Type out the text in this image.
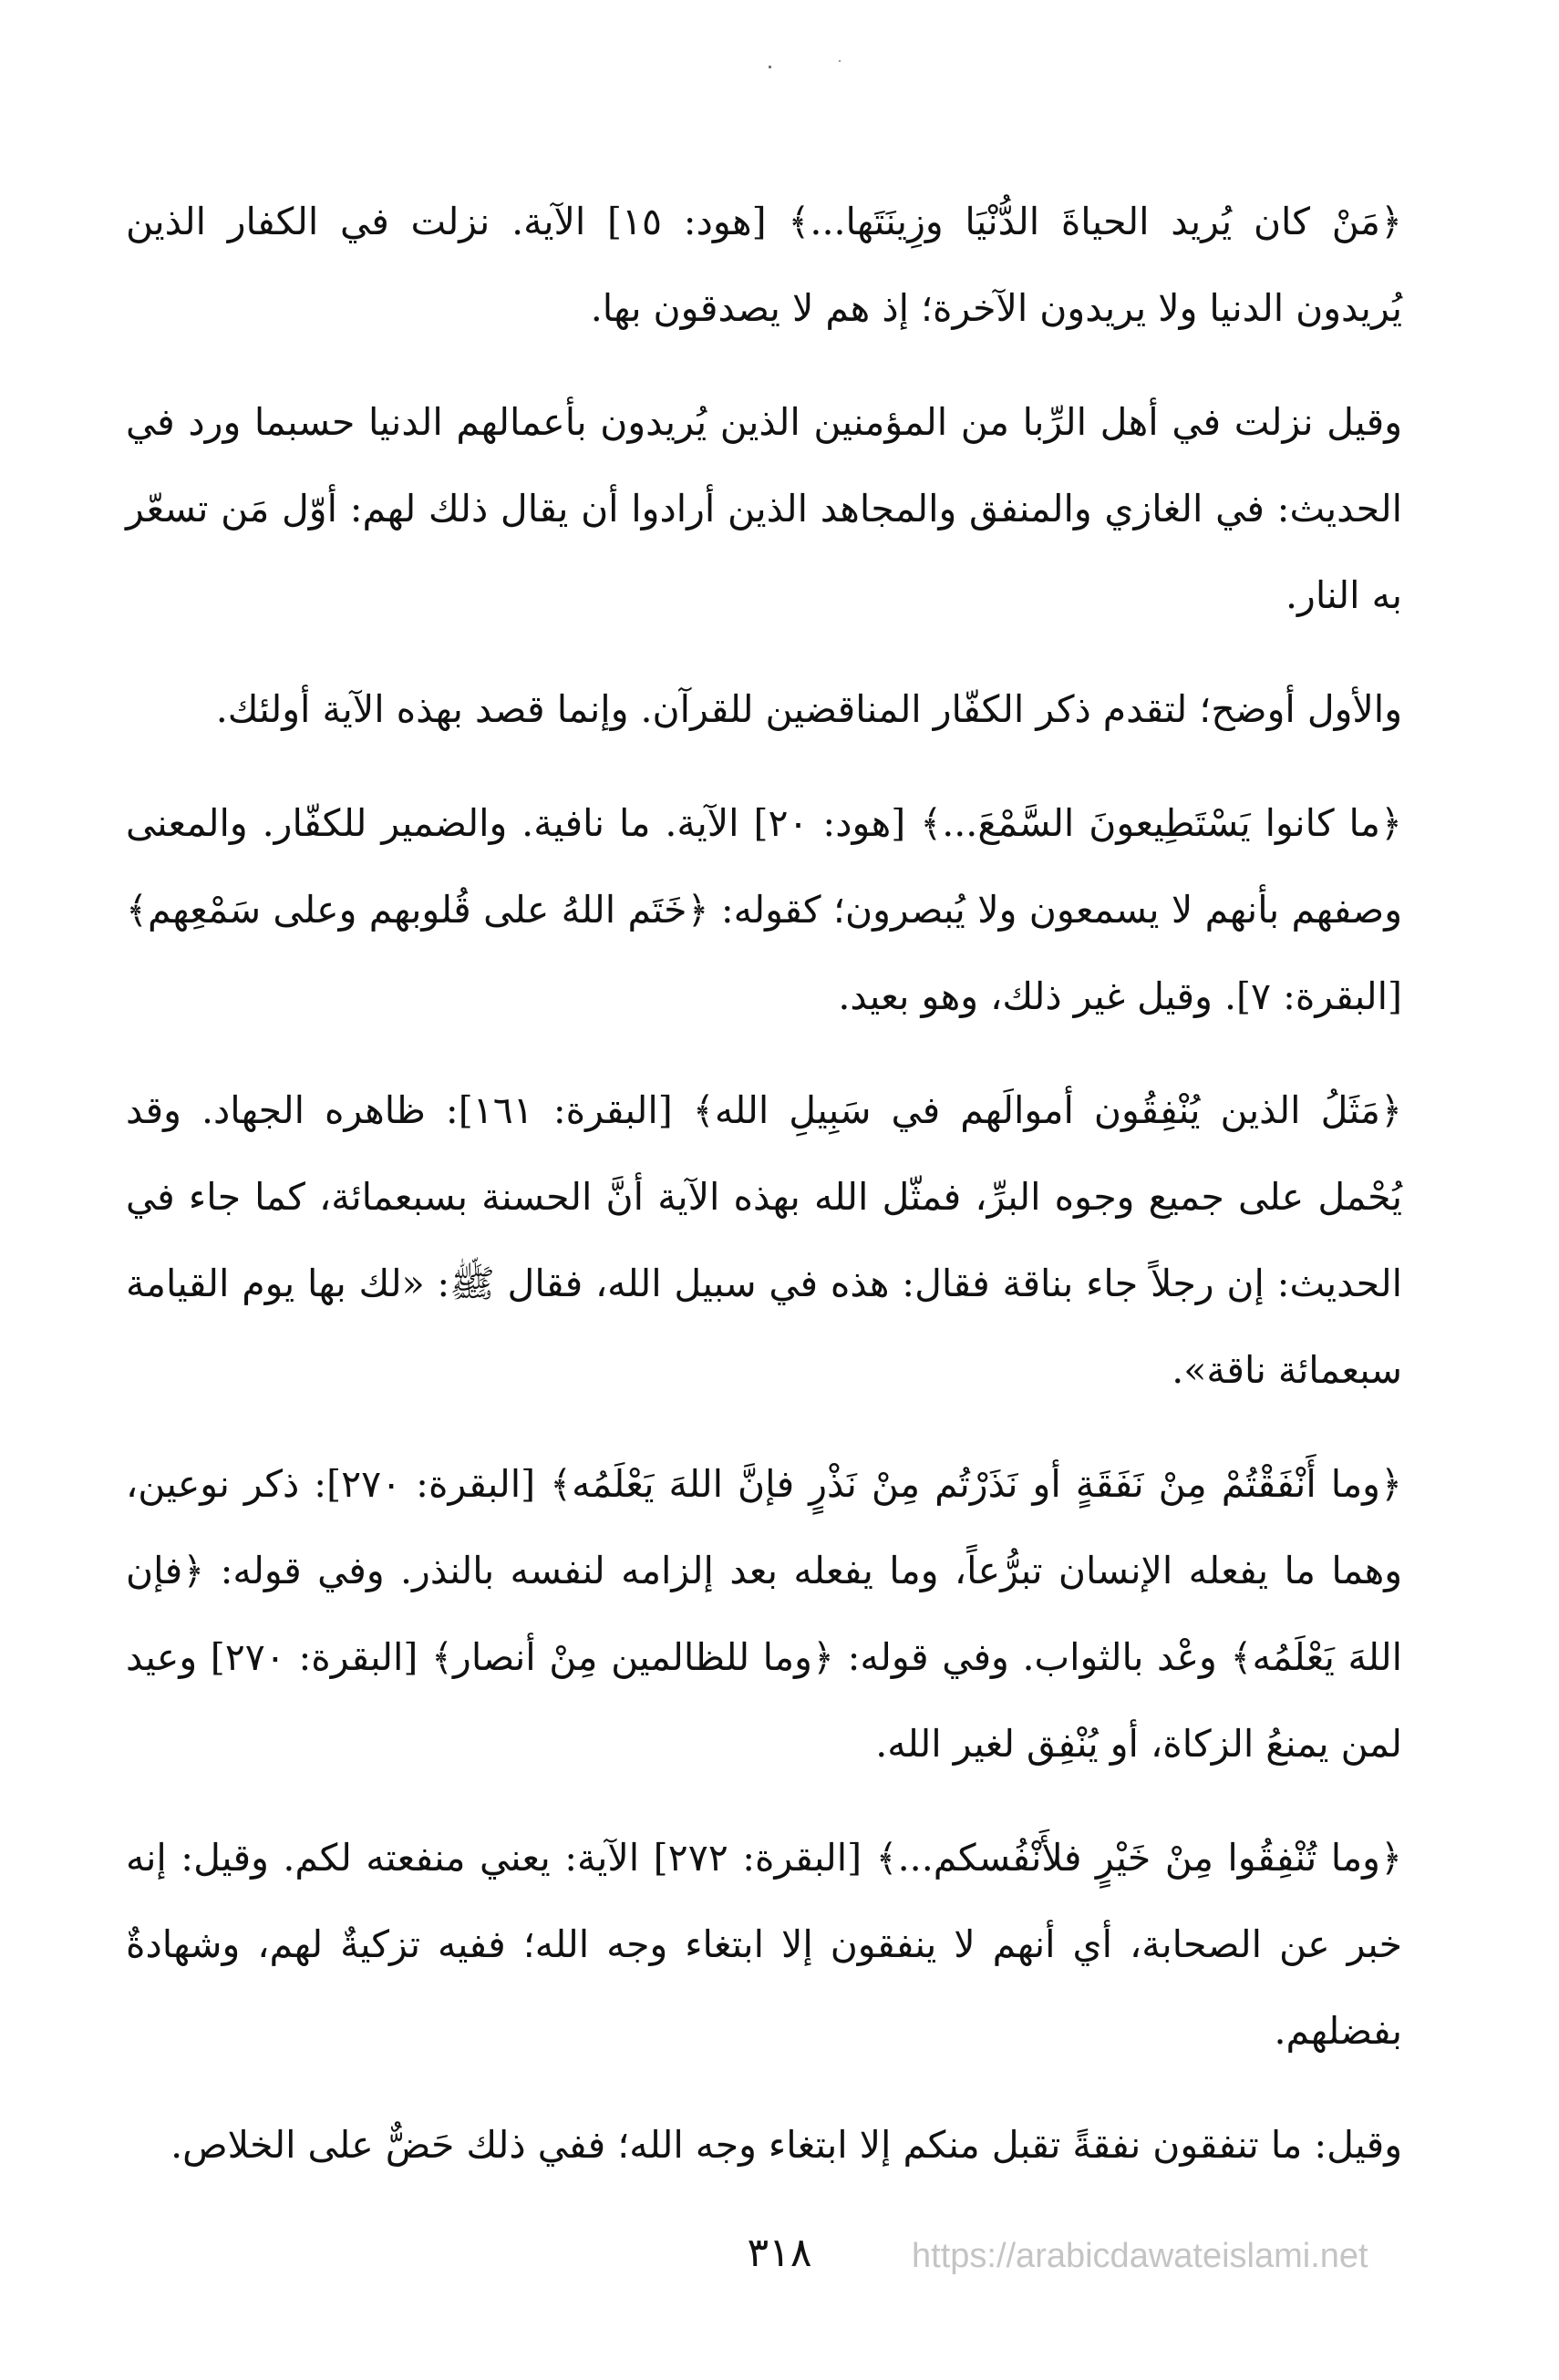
﴿مَنْ كان يُريد الحياةَ الدُّنْيَا وزِينَتَها...﴾ [هود: ١٥] الآية. نزلت في الكفار الذين يُريدون الدنيا ولا يريدون الآخرة؛ إذ هم لا يصدقون بها.

وقيل نزلت في أهل الرِّبا من المؤمنين الذين يُريدون بأعمالهم الدنيا حسبما ورد في الحديث: في الغازي والمنفق والمجاهد الذين أرادوا أن يقال ذلك لهم: أوّل مَن تسعّر به النار.

والأول أوضح؛ لتقدم ذكر الكفّار المناقضين للقرآن. وإنما قصد بهذه الآية أولئك.

﴿ما كانوا يَسْتَطِيعونَ السَّمْعَ...﴾ [هود: ٢٠] الآية. ما نافية. والضمير للكفّار. والمعنى وصفهم بأنهم لا يسمعون ولا يُبصرون؛ كقوله: ﴿خَتَم اللهُ على قُلوبهم وعلى سَمْعِهم﴾ [البقرة: ٧]. وقيل غير ذلك، وهو بعيد.

﴿مَثَلُ الذين يُنْفِقُون أموالَهم في سَبِيلِ الله﴾ [البقرة: ١٦١]: ظاهره الجهاد. وقد يُحْمل على جميع وجوه البرِّ، فمثّل الله بهذه الآية أنَّ الحسنة بسبعمائة، كما جاء في الحديث: إن رجلاً جاء بناقة فقال: هذه في سبيل الله، فقال ﷺ: «لك بها يوم القيامة سبعمائة ناقة».

﴿وما أَنْفَقْتُمْ مِنْ نَفَقَةٍ أو نَذَرْتُم مِنْ نَذْرٍ فإنَّ اللهَ يَعْلَمُه﴾ [البقرة: ٢٧٠]: ذكر نوعين، وهما ما يفعله الإنسان تبرُّعاً، وما يفعله بعد إلزامه لنفسه بالنذر. وفي قوله: ﴿فإن اللهَ يَعْلَمُه﴾ وعْد بالثواب. وفي قوله: ﴿وما للظالمين مِنْ أنصار﴾ [البقرة: ٢٧٠] وعيد لمن يمنعُ الزكاة، أو يُنْفِق لغير الله.

﴿وما تُنْفِقُوا مِنْ خَيْرٍ فلأَنْفُسكم...﴾ [البقرة: ٢٧٢] الآية: يعني منفعته لكم. وقيل: إنه خبر عن الصحابة، أي أنهم لا ينفقون إلا ابتغاء وجه الله؛ ففيه تزكيةٌ لهم، وشهادةٌ بفضلهم.

وقيل: ما تنفقون نفقةً تقبل منكم إلا ابتغاء وجه الله؛ ففي ذلك حَضٌّ على الخلاص.

https://arabicdawateislami.net
٣١٨
